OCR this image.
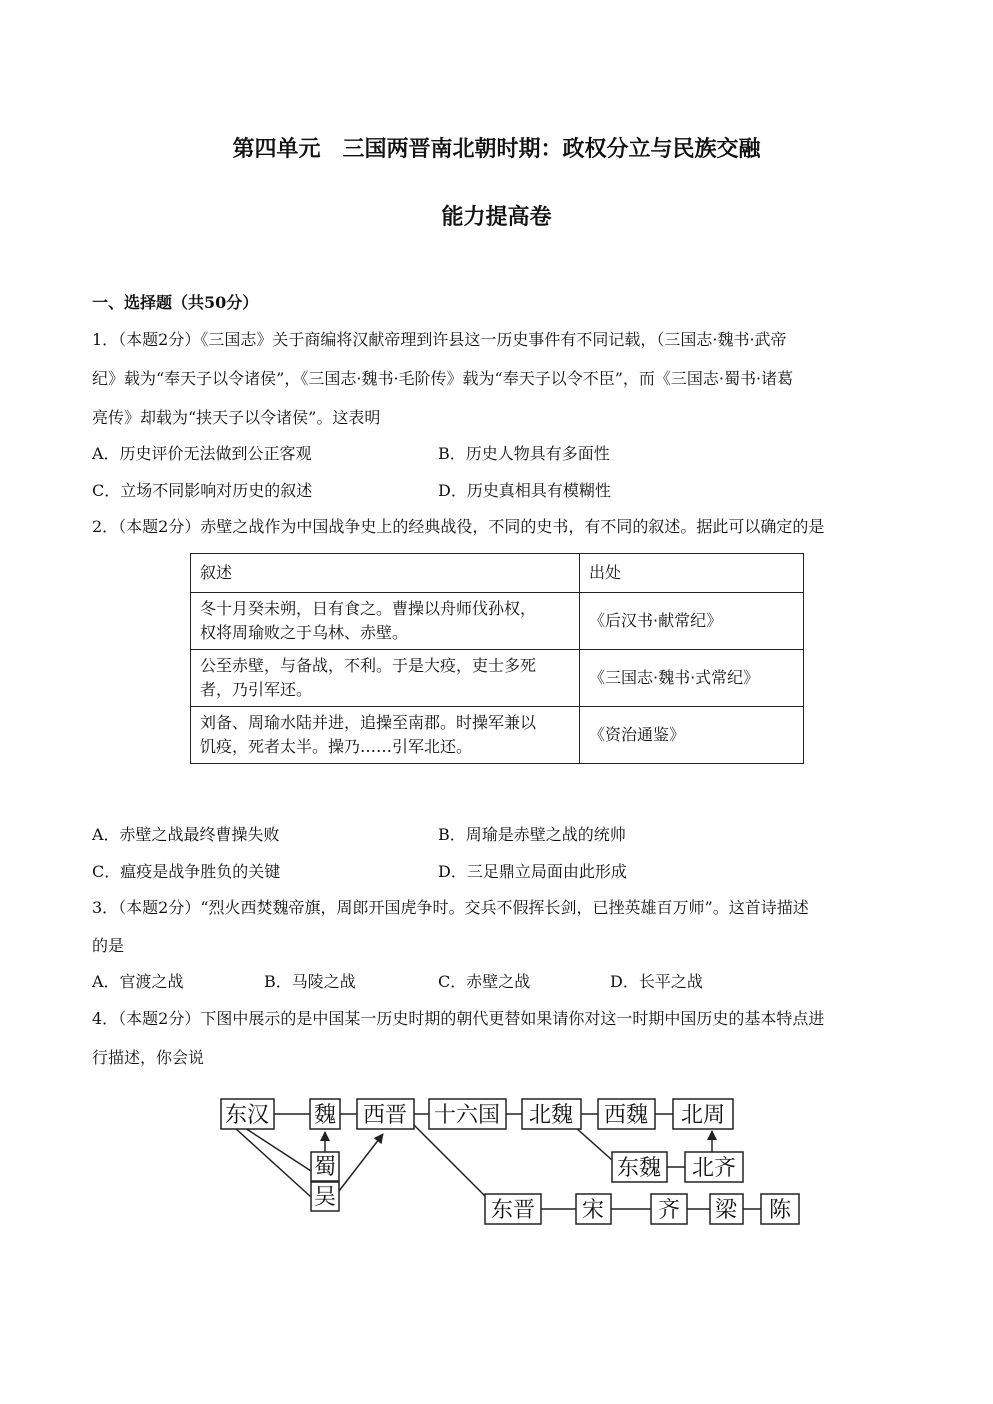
第四单元　三国两晋南北朝时期：政权分立与民族交融
能力提高卷
一、选择题（共50分）
1．（本题2分）《三国志》关于商编将汉献帝理到许县这一历史事件有不同记载，（三国志·魏书·武帝
纪》载为“奉天子以令诸侯”，《三国志·魏书·毛阶传》载为“奉天子以令不臣”，而《三国志·蜀书·诸葛
亮传》却载为“挟天子以令诸侯”。这表明
A．历史评价无法做到公正客观	B．历史人物具有多面性
C．立场不同影响对历史的叙述	D．历史真相具有模糊性
2．（本题2分）赤壁之战作为中国战争史上的经典战役，不同的史书，有不同的叙述。据此可以确定的是
叙述	出处

冬十月癸未朔，日有食之。曹操以舟师伐孙权，
权将周瑜败之于乌林、赤壁。	《后汉书·献常纪》

公至赤壁，与备战，不利。于是大疫，吏士多死
者，乃引军还。	《三国志·魏书·式常纪》

刘备、周瑜水陆并进，追操至南郡。时操军兼以
饥疫，死者太半。操乃……引军北还。	《资治通鉴》
A．赤壁之战最终曹操失败	B．周瑜是赤壁之战的统帅
C．瘟疫是战争胜负的关键	D．三足鼎立局面由此形成
3．（本题2分）“烈火西焚魏帝旗，周郎开国虎争时。交兵不假挥长剑，已挫英雄百万师”。这首诗描述
的是
A．官渡之战	B．马陵之战	C．赤壁之战	D．长平之战
4．（本题2分）下图中展示的是中国某一历史时期的朝代更替如果请你对这一时期中国历史的基本特点进
行描述，你会说
东汉 魏 西晋 十六国 北魏 西魏 北周
蜀
吴
东魏 北齐
东晋 宋 齐 梁 陈
